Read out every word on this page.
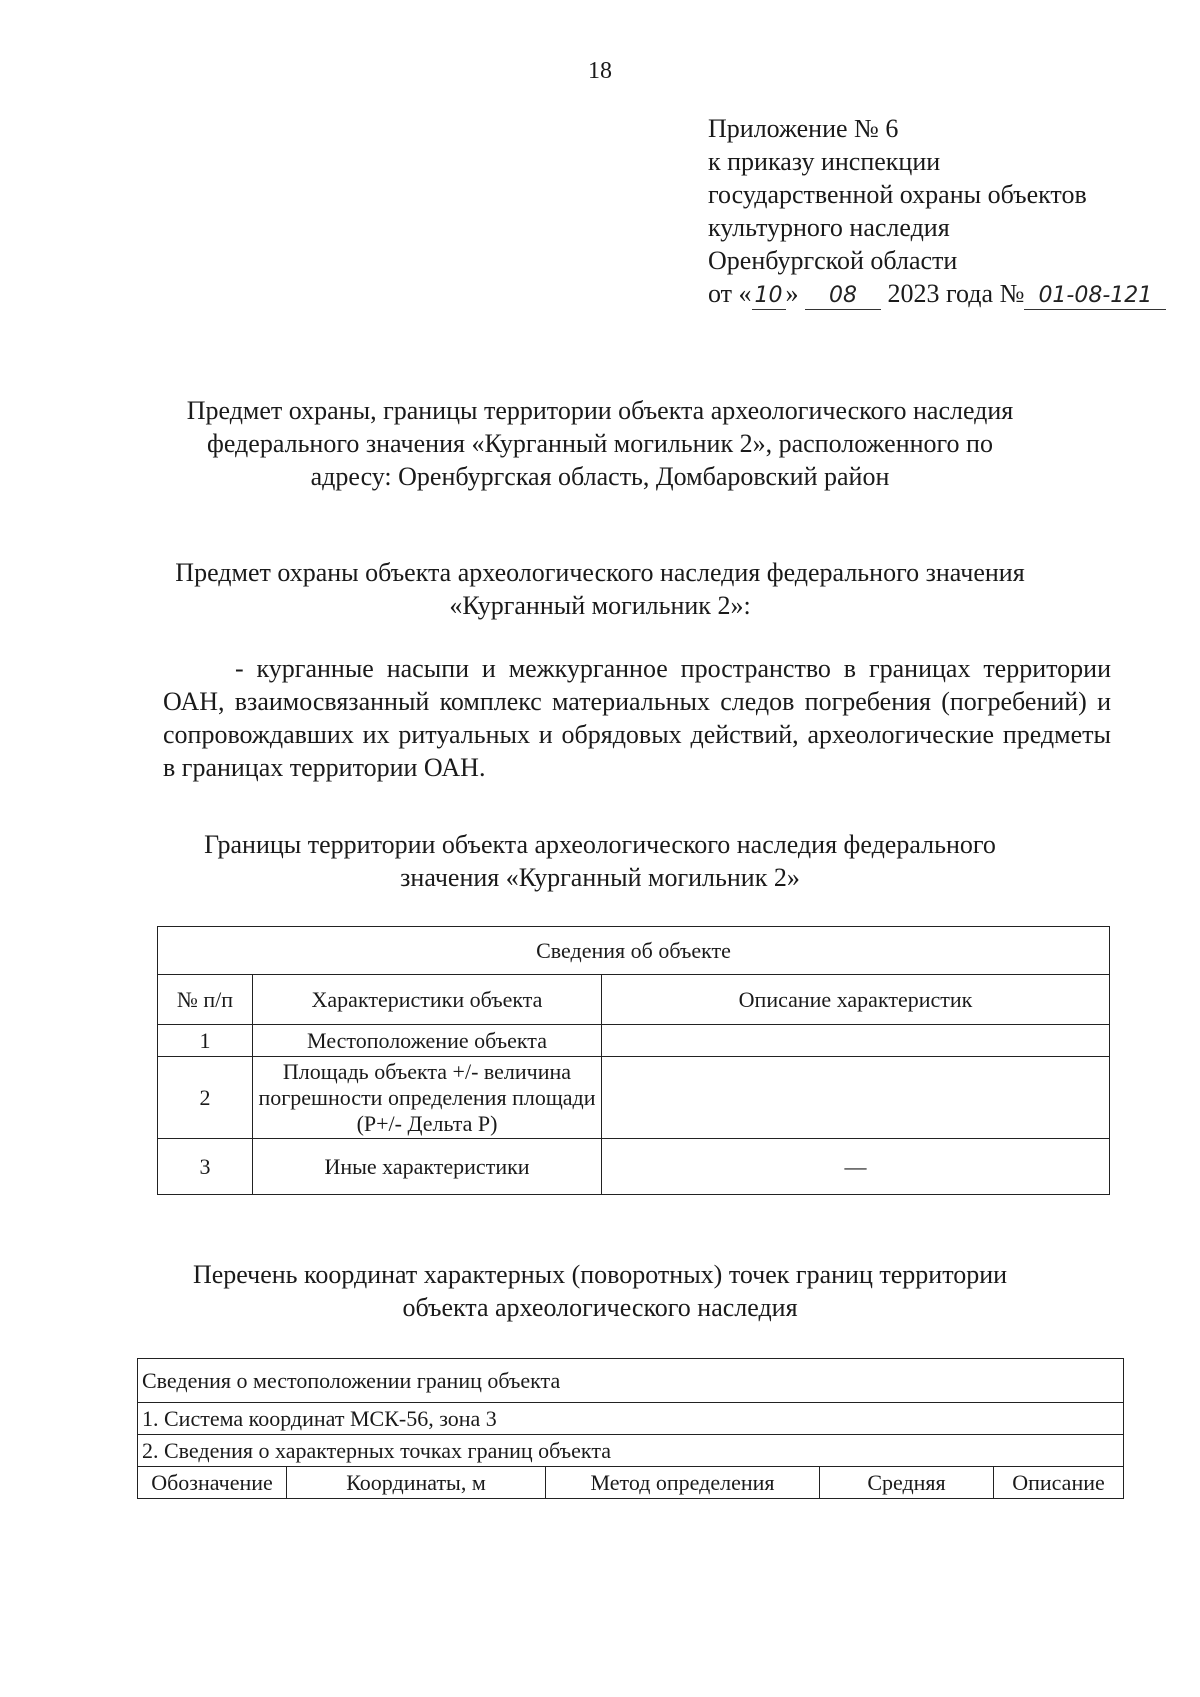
18
Приложение № 6
к приказу инспекции
государственной охраны объектов
культурного наследия
Оренбургской области
от « 10 » 08 2023 года № 01-08-121
Предмет охраны, границы территории объекта археологического наследия
федерального значения «Курганный могильник 2», расположенного по
адресу: Оренбургская область, Домбаровский район
Предмет охраны объекта археологического наследия федерального значения
«Курганный могильник 2»:
- курганные насыпи и межкурганное пространство в границах территории ОАН, взаимосвязанный комплекс материальных следов погребения (погребений) и сопровождавших их ритуальных и обрядовых действий, археологические предметы в границах территории ОАН.
Границы территории объекта археологического наследия федерального
значения «Курганный могильник 2»
Сведения об объекте		
№ п/п	Характеристики объекта	Описание характеристик
1	Местоположение объекта	
2	Площадь объекта +/- величина погрешности определения площади (P+/- Дельта P)	
3	Иные характеристики	—
Перечень координат характерных (поворотных) точек границ территории
объекта археологического наследия
Сведения о местоположении границ объекта
1. Система координат МСК-56, зона 3
2. Сведения о характерных точках границ объекта
Обозначение	Координаты, м	Метод определения	Средняя	Описание
